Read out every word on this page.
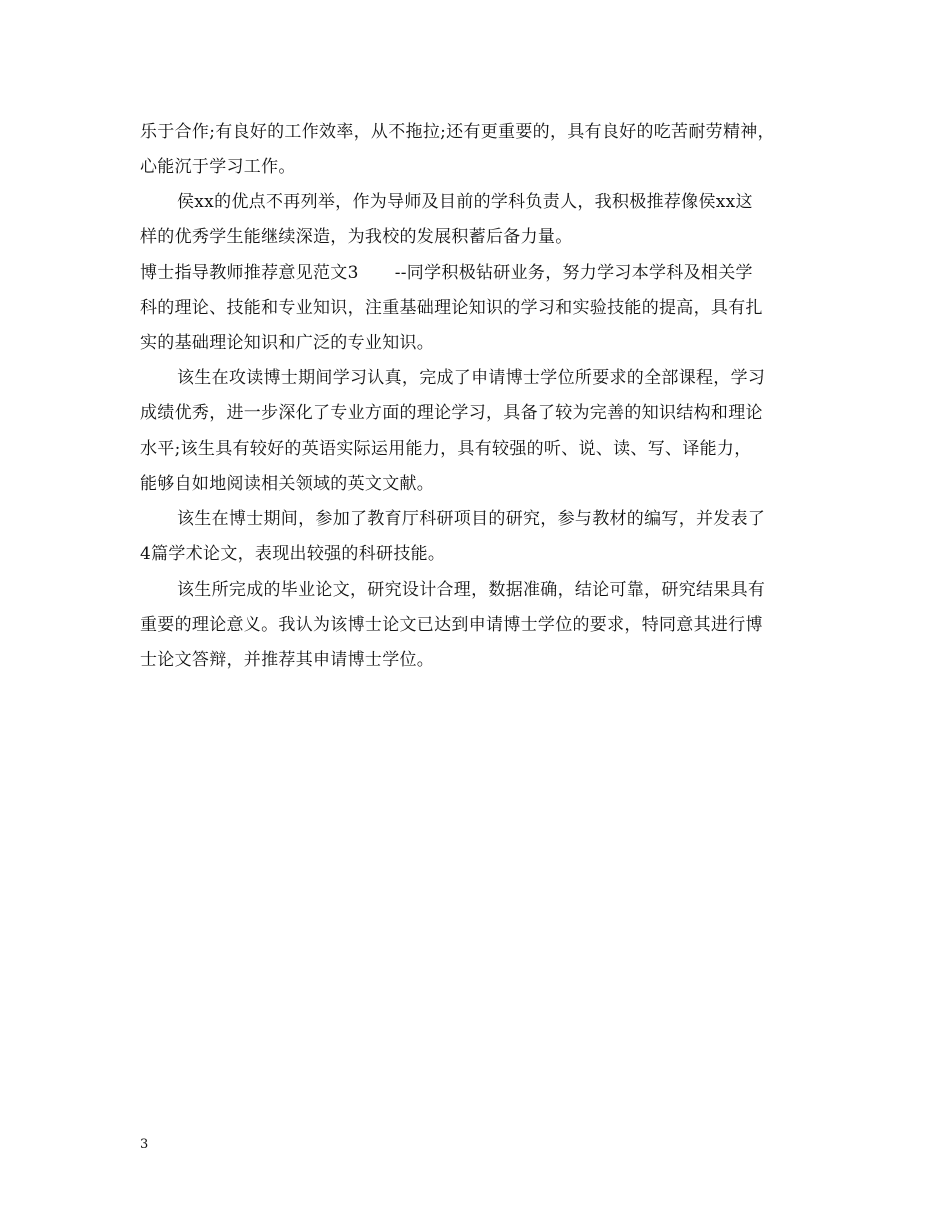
乐于合作;有良好的工作效率，从不拖拉;还有更重要的，具有良好的吃苦耐劳精神，
心能沉于学习工作。
侯xx的优点不再列举，作为导师及目前的学科负责人，我积极推荐像侯xx这
样的优秀学生能继续深造，为我校的发展积蓄后备力量。
博士指导教师推荐意见范文3 --同学积极钻研业务，努力学习本学科及相关学
科的理论、技能和专业知识，注重基础理论知识的学习和实验技能的提高，具有扎
实的基础理论知识和广泛的专业知识。
该生在攻读博士期间学习认真，完成了申请博士学位所要求的全部课程，学习
成绩优秀，进一步深化了专业方面的理论学习，具备了较为完善的知识结构和理论
水平;该生具有较好的英语实际运用能力，具有较强的听、说、读、写、译能力，
能够自如地阅读相关领域的英文文献。
该生在博士期间，参加了教育厅科研项目的研究，参与教材的编写，并发表了
4篇学术论文，表现出较强的科研技能。
该生所完成的毕业论文，研究设计合理，数据准确，结论可靠，研究结果具有
重要的理论意义。我认为该博士论文已达到申请博士学位的要求，特同意其进行博
士论文答辩，并推荐其申请博士学位。
3
